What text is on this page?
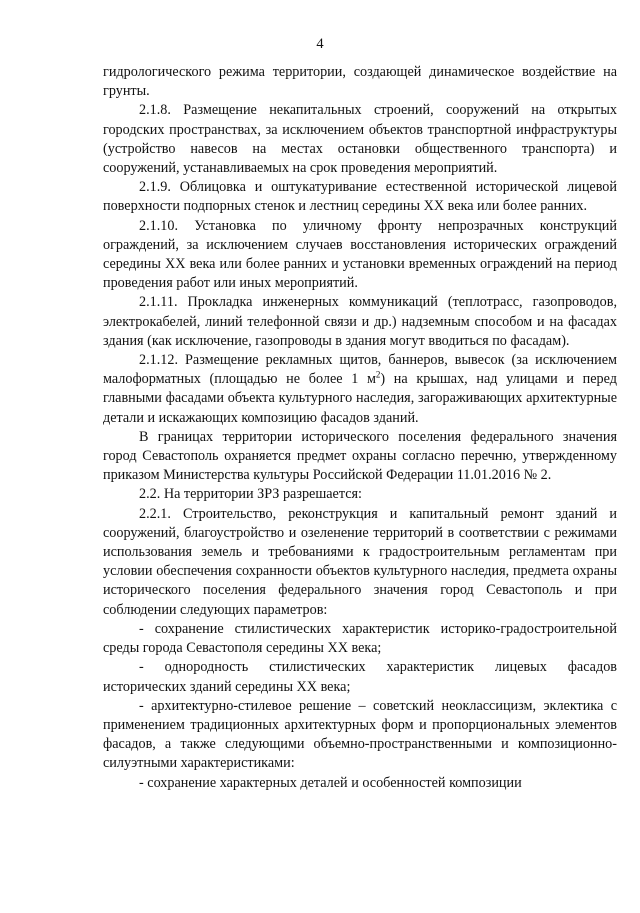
4

гидрологического режима территории, создающей динамическое воздействие на грунты.

2.1.8. Размещение некапитальных строений, сооружений на открытых городских пространствах, за исключением объектов транспортной инфраструктуры (устройство навесов на местах остановки общественного транспорта) и сооружений, устанавливаемых на срок проведения мероприятий.

2.1.9. Облицовка и оштукатуривание естественной исторической лицевой поверхности подпорных стенок и лестниц середины XX века или более ранних.

2.1.10. Установка по уличному фронту непрозрачных конструкций ограждений, за исключением случаев восстановления исторических ограждений середины XX века или более ранних и установки временных ограждений на период проведения работ или иных мероприятий.

2.1.11. Прокладка инженерных коммуникаций (теплотрасс, газопроводов, электрокабелей, линий телефонной связи и др.) надземным способом и на фасадах здания (как исключение, газопроводы в здания могут вводиться по фасадам).

2.1.12. Размещение рекламных щитов, баннеров, вывесок (за исключением малоформатных (площадью не более 1 $м^2$) на крышах, над улицами и перед главными фасадами объекта культурного наследия, загораживающих архитектурные детали и искажающих композицию фасадов зданий.

В границах территории исторического поселения федерального значения город Севастополь охраняется предмет охраны согласно перечню, утвержденному приказом Министерства культуры Российской Федерации 11.01.2016 № 2.

2.2. На территории ЗРЗ разрешается:

2.2.1. Строительство, реконструкция и капитальный ремонт зданий и сооружений, благоустройство и озеленение территорий в соответствии с режимами использования земель и требованиями к градостроительным регламентам при условии обеспечения сохранности объектов культурного наследия, предмета охраны исторического поселения федерального значения город Севастополь и при соблюдении следующих параметров:

- сохранение стилистических характеристик историко-градостроительной среды города Севастополя середины XX века;

- однородность стилистических характеристик лицевых фасадов исторических зданий середины XX века;

- архитектурно-стилевое решение – советский неоклассицизм, эклектика с применением традиционных архитектурных форм и пропорциональных элементов фасадов, а также следующими объемно-пространственными и композиционно-силуэтными характеристиками:

- сохранение характерных деталей и особенностей композиции
